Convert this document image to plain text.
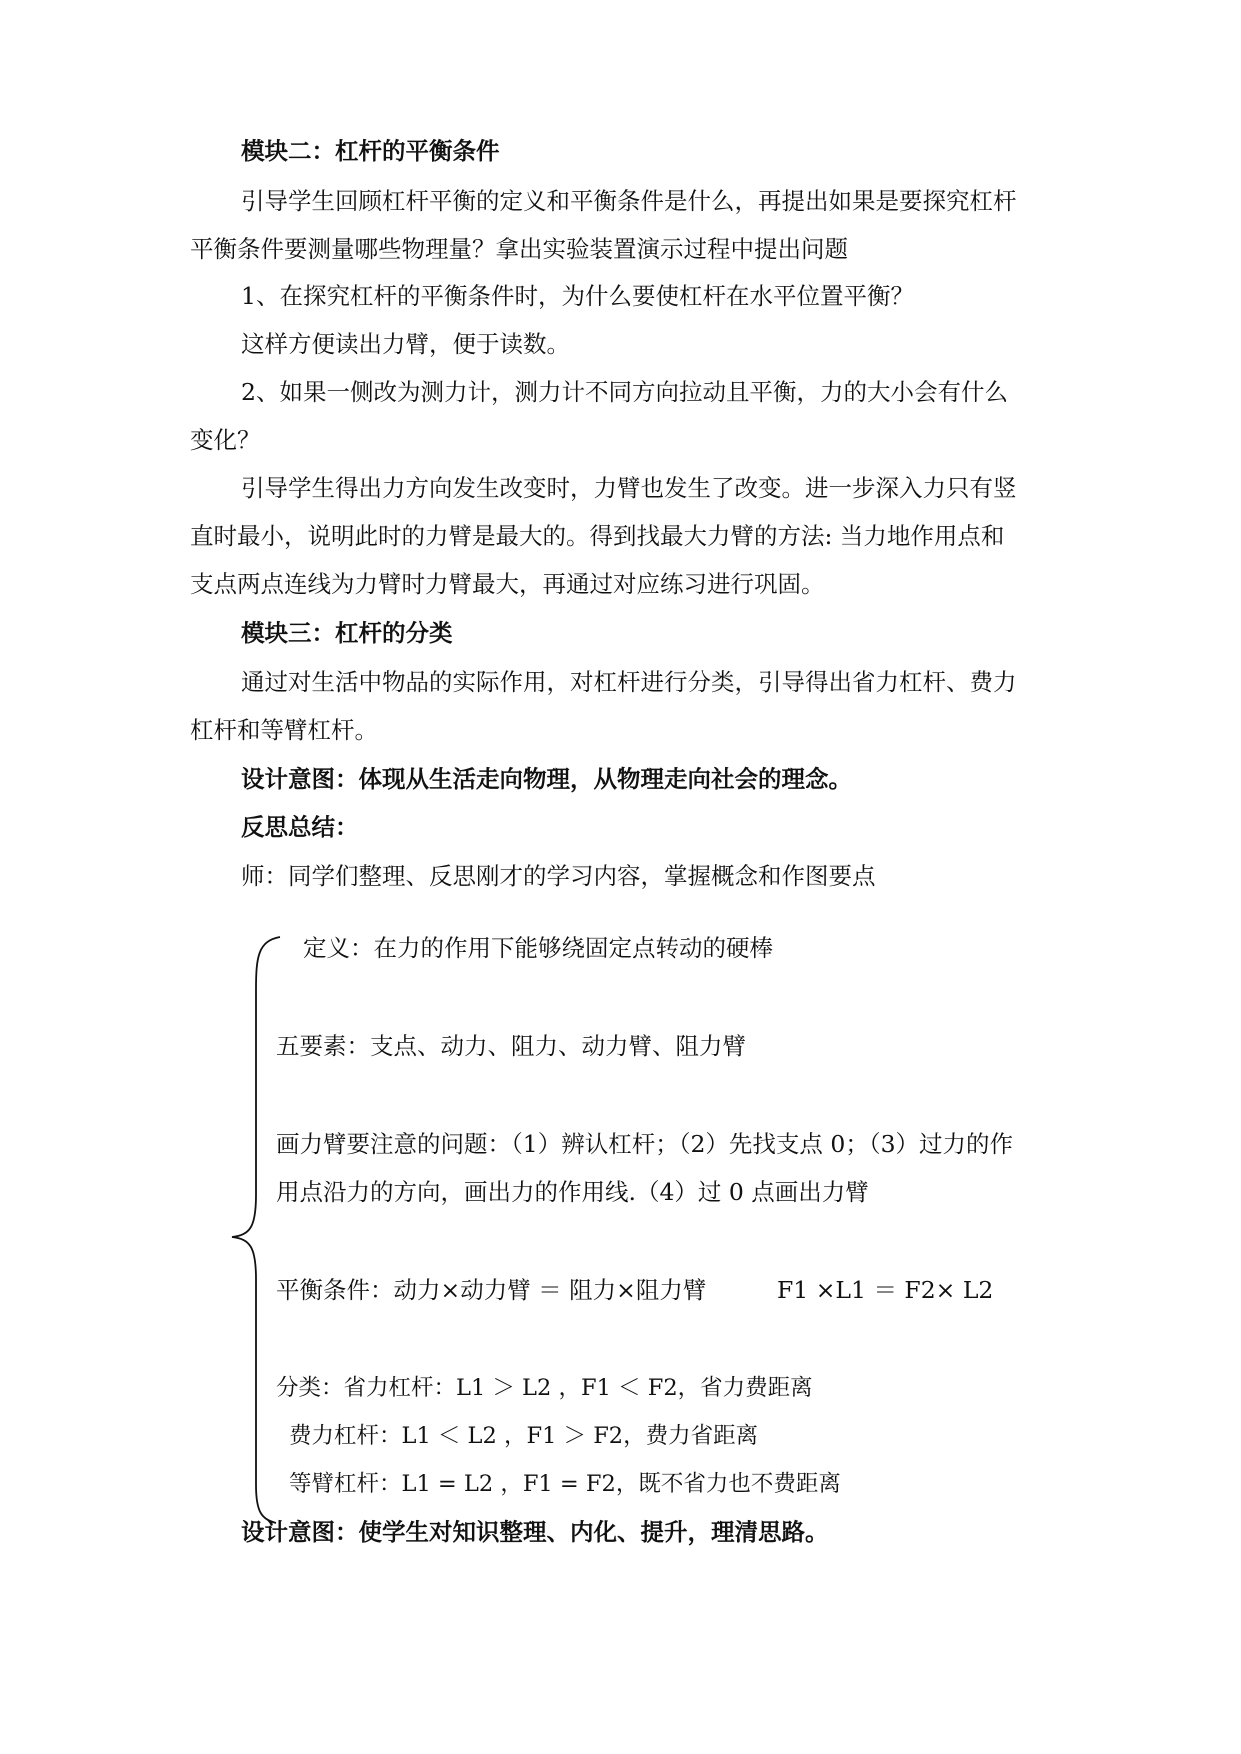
模块二：杠杆的平衡条件
引导学生回顾杠杆平衡的定义和平衡条件是什么，再提出如果是要探究杠杆
平衡条件要测量哪些物理量？拿出实验装置演示过程中提出问题
1、在探究杠杆的平衡条件时，为什么要使杠杆在水平位置平衡？
这样方便读出力臂，便于读数。
2、如果一侧改为测力计，测力计不同方向拉动且平衡，力的大小会有什么
变化？
引导学生得出力方向发生改变时，力臂也发生了改变。进一步深入力只有竖
直时最小，说明此时的力臂是最大的。得到找最大力臂的方法: 当力地作用点和
支点两点连线为力臂时力臂最大，再通过对应练习进行巩固。
模块三：杠杆的分类
通过对生活中物品的实际作用，对杠杆进行分类，引导得出省力杠杆、费力
杠杆和等臂杠杆。
设计意图：体现从生活走向物理，从物理走向社会的理念。
反思总结：
师：同学们整理、反思刚才的学习内容，掌握概念和作图要点
定义：在力的作用下能够绕固定点转动的硬棒
五要素：支点、动力、阻力、动力臂、阻力臂
画力臂要注意的问题：（1）辨认杠杆；（2）先找支点 0；（3）过力的作
用点沿力的方向，画出力的作用线.（4）过 0 点画出力臂
平衡条件：动力×动力臂 ＝ 阻力×阻力臂	F1 ×L1 ＝ F2× L2
分类：省力杠杆：L1 ＞ L2 ，F1 ＜ F2，省力费距离
费力杠杆：L1 ＜ L2 ，F1 ＞ F2，费力省距离
等臂杠杆：L1 = L2 ，F1 = F2，既不省力也不费距离
设计意图：使学生对知识整理、内化、提升，理清思路。
